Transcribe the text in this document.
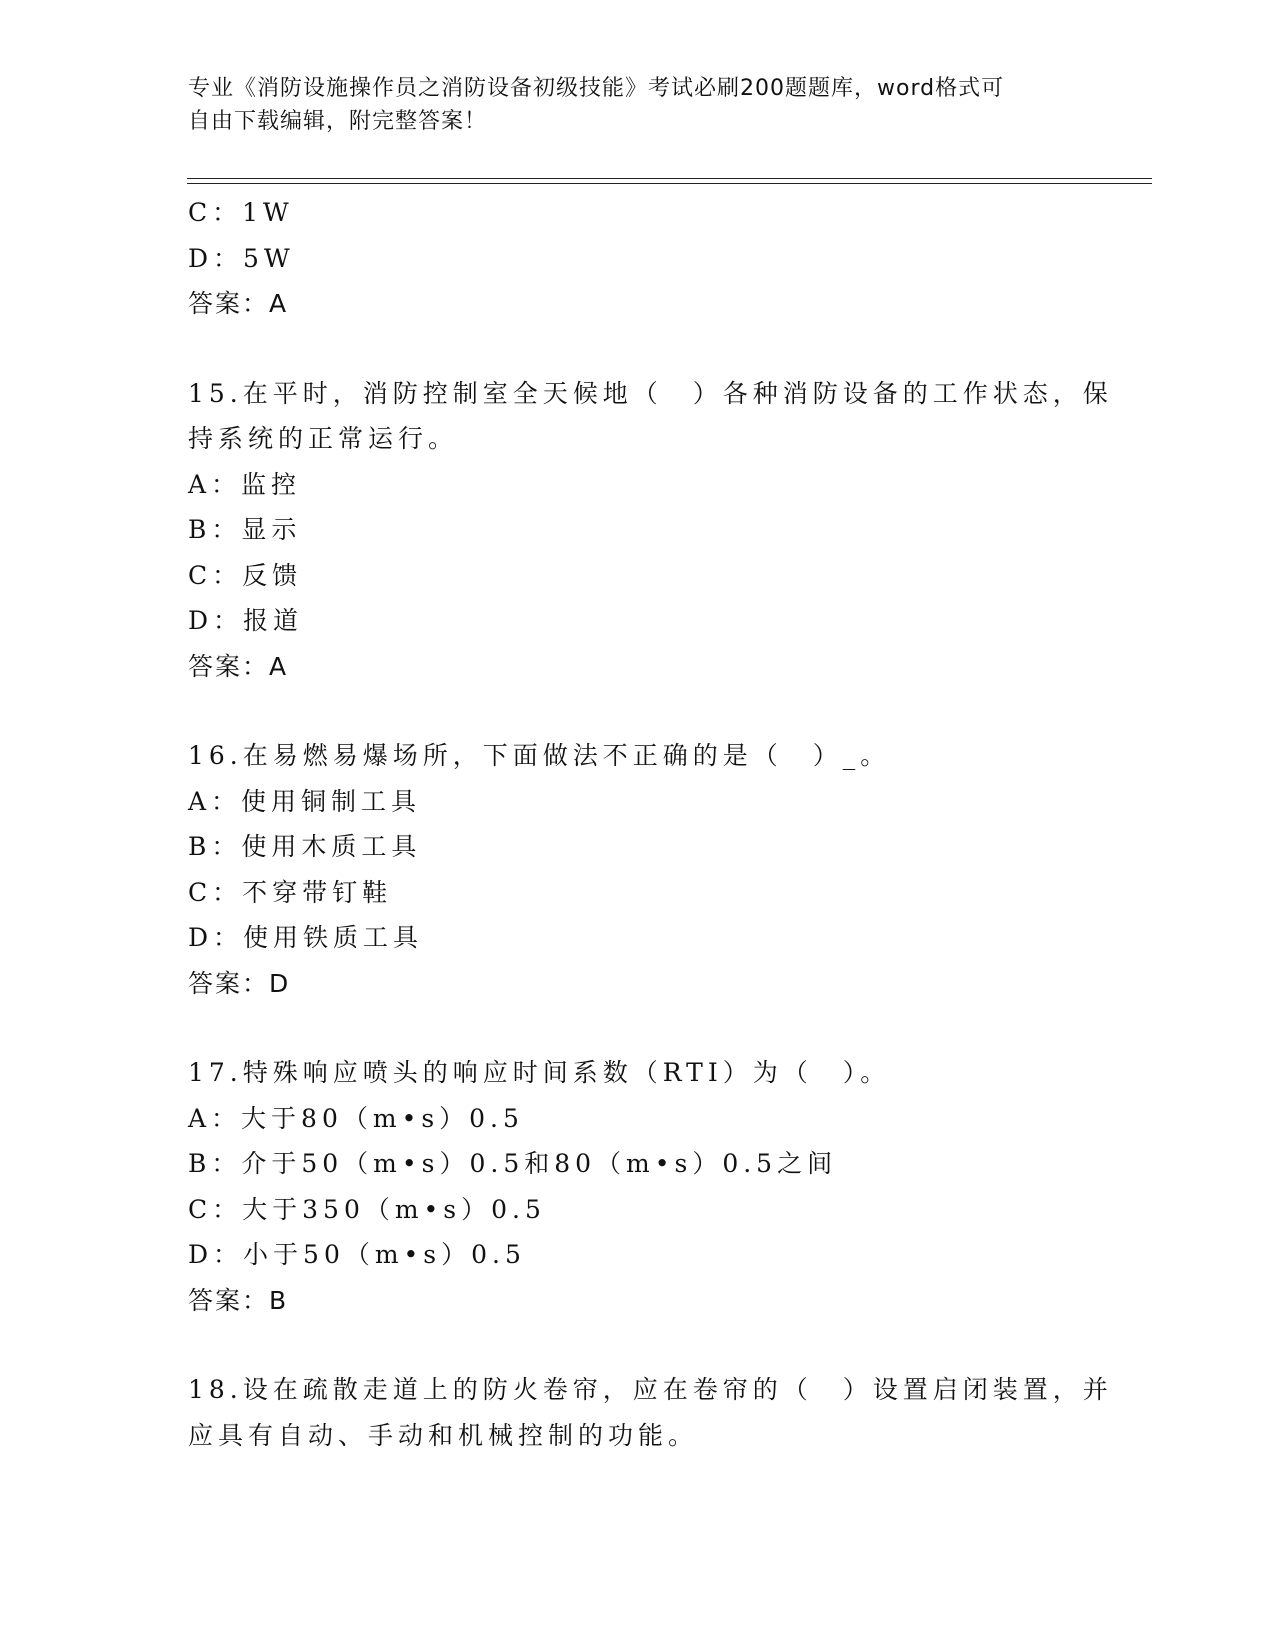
专业《消防设施操作员之消防设备初级技能》考试必刷200题题库，word格式可
自由下载编辑，附完整答案！
C：1W
D：5W
答案：A
15.在平时，消防控制室全天候地（　）各种消防设备的工作状态，保
持系统的正常运行。
A：监控
B：显示
C：反馈
D：报道
答案：A
16.在易燃易爆场所，下面做法不正确的是（　）_。
A：使用铜制工具
B：使用木质工具
C：不穿带钉鞋
D：使用铁质工具
答案：D
17.特殊响应喷头的响应时间系数（RTI）为（　）。
A：大于80（m•s）0.5
B：介于50（m•s）0.5和80（m•s）0.5之间
C：大于350（m•s）0.5
D：小于50（m•s）0.5
答案：B
18.设在疏散走道上的防火卷帘，应在卷帘的（　）设置启闭装置，并
应具有自动、手动和机械控制的功能。
